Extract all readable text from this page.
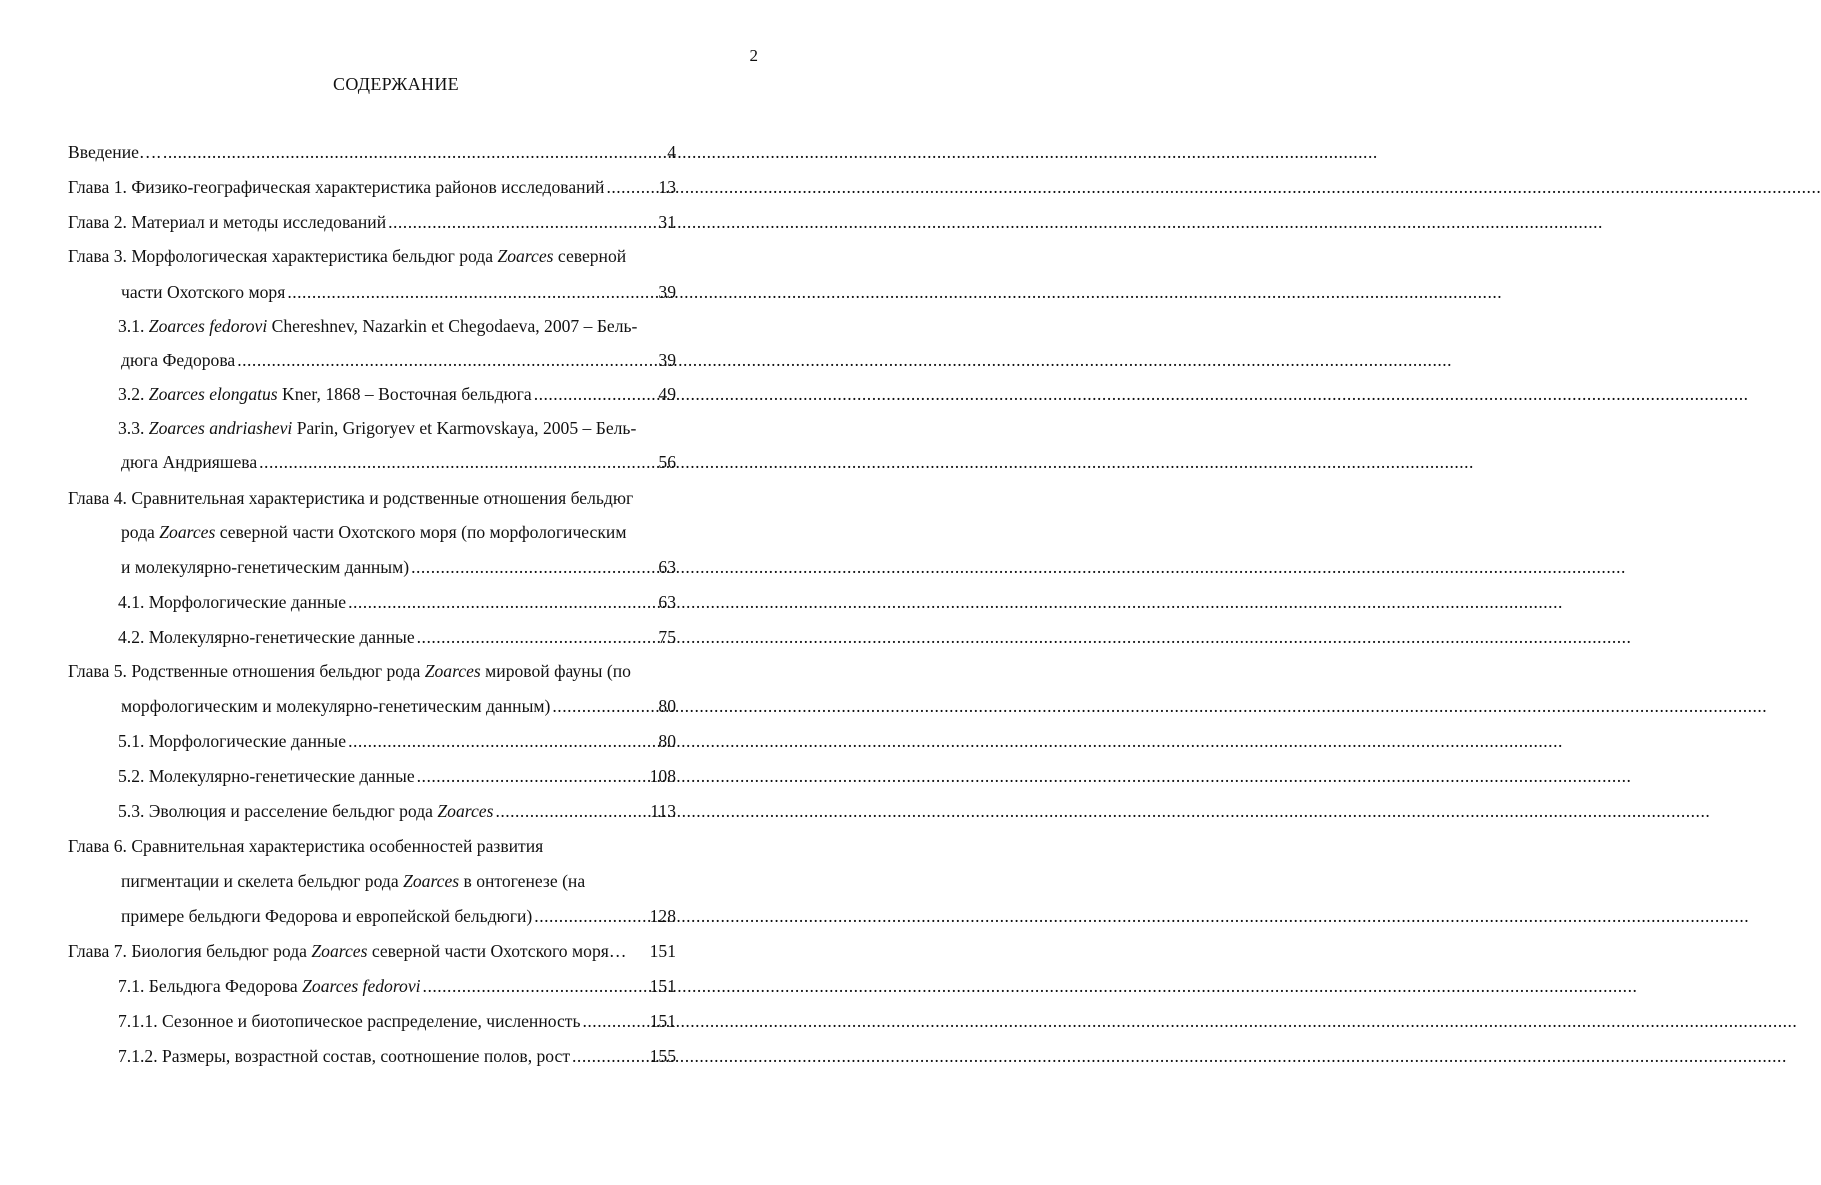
2
СОДЕРЖАНИЕ
Введение…. .....	4
Глава 1. Физико-географическая характеристика районов исследований .....	13
Глава 2. Материал и методы исследований .....	31
Глава 3. Морфологическая характеристика бельдюг рода Zoarces северной
части Охотского моря .....	39
3.1. Zoarces fedorovi Chereshnev, Nazarkin et Chegodaeva, 2007 – Бель-
дюга Федорова .....	39
3.2. Zoarces elongatus Kner, 1868 – Восточная бельдюга .....	49
3.3. Zoarces andriashevi Parin, Grigoryev et Karmovskaya, 2005 – Бель-
дюга Андрияшева .....	56
Глава 4. Сравнительная характеристика и родственные отношения бельдюг
рода Zoarces северной части Охотского моря (по морфологическим
и молекулярно-генетическим данным) .....	63
4.1. Морфологические данные .....	63
4.2. Молекулярно-генетические данные .....	75
Глава 5. Родственные отношения бельдюг рода Zoarces мировой фауны (по
морфологическим и молекулярно-генетическим данным) .....	80
5.1. Морфологические данные .....	80
5.2. Молекулярно-генетические данные .....	108
5.3. Эволюция и расселение бельдюг рода Zoarces .....	113
Глава 6. Сравнительная характеристика особенностей развития
пигментации и скелета бельдюг рода Zoarces в онтогенезе (на
примере бельдюги Федорова и европейской бельдюги) .....	128
Глава 7. Биология бельдюг рода Zoarces северной части Охотского моря…	151
7.1. Бельдюга Федорова Zoarces fedorovi .....	151
7.1.1. Сезонное и биотопическое распределение, численность .....	151
7.1.2. Размеры, возрастной состав, соотношение полов, рост .....	155
